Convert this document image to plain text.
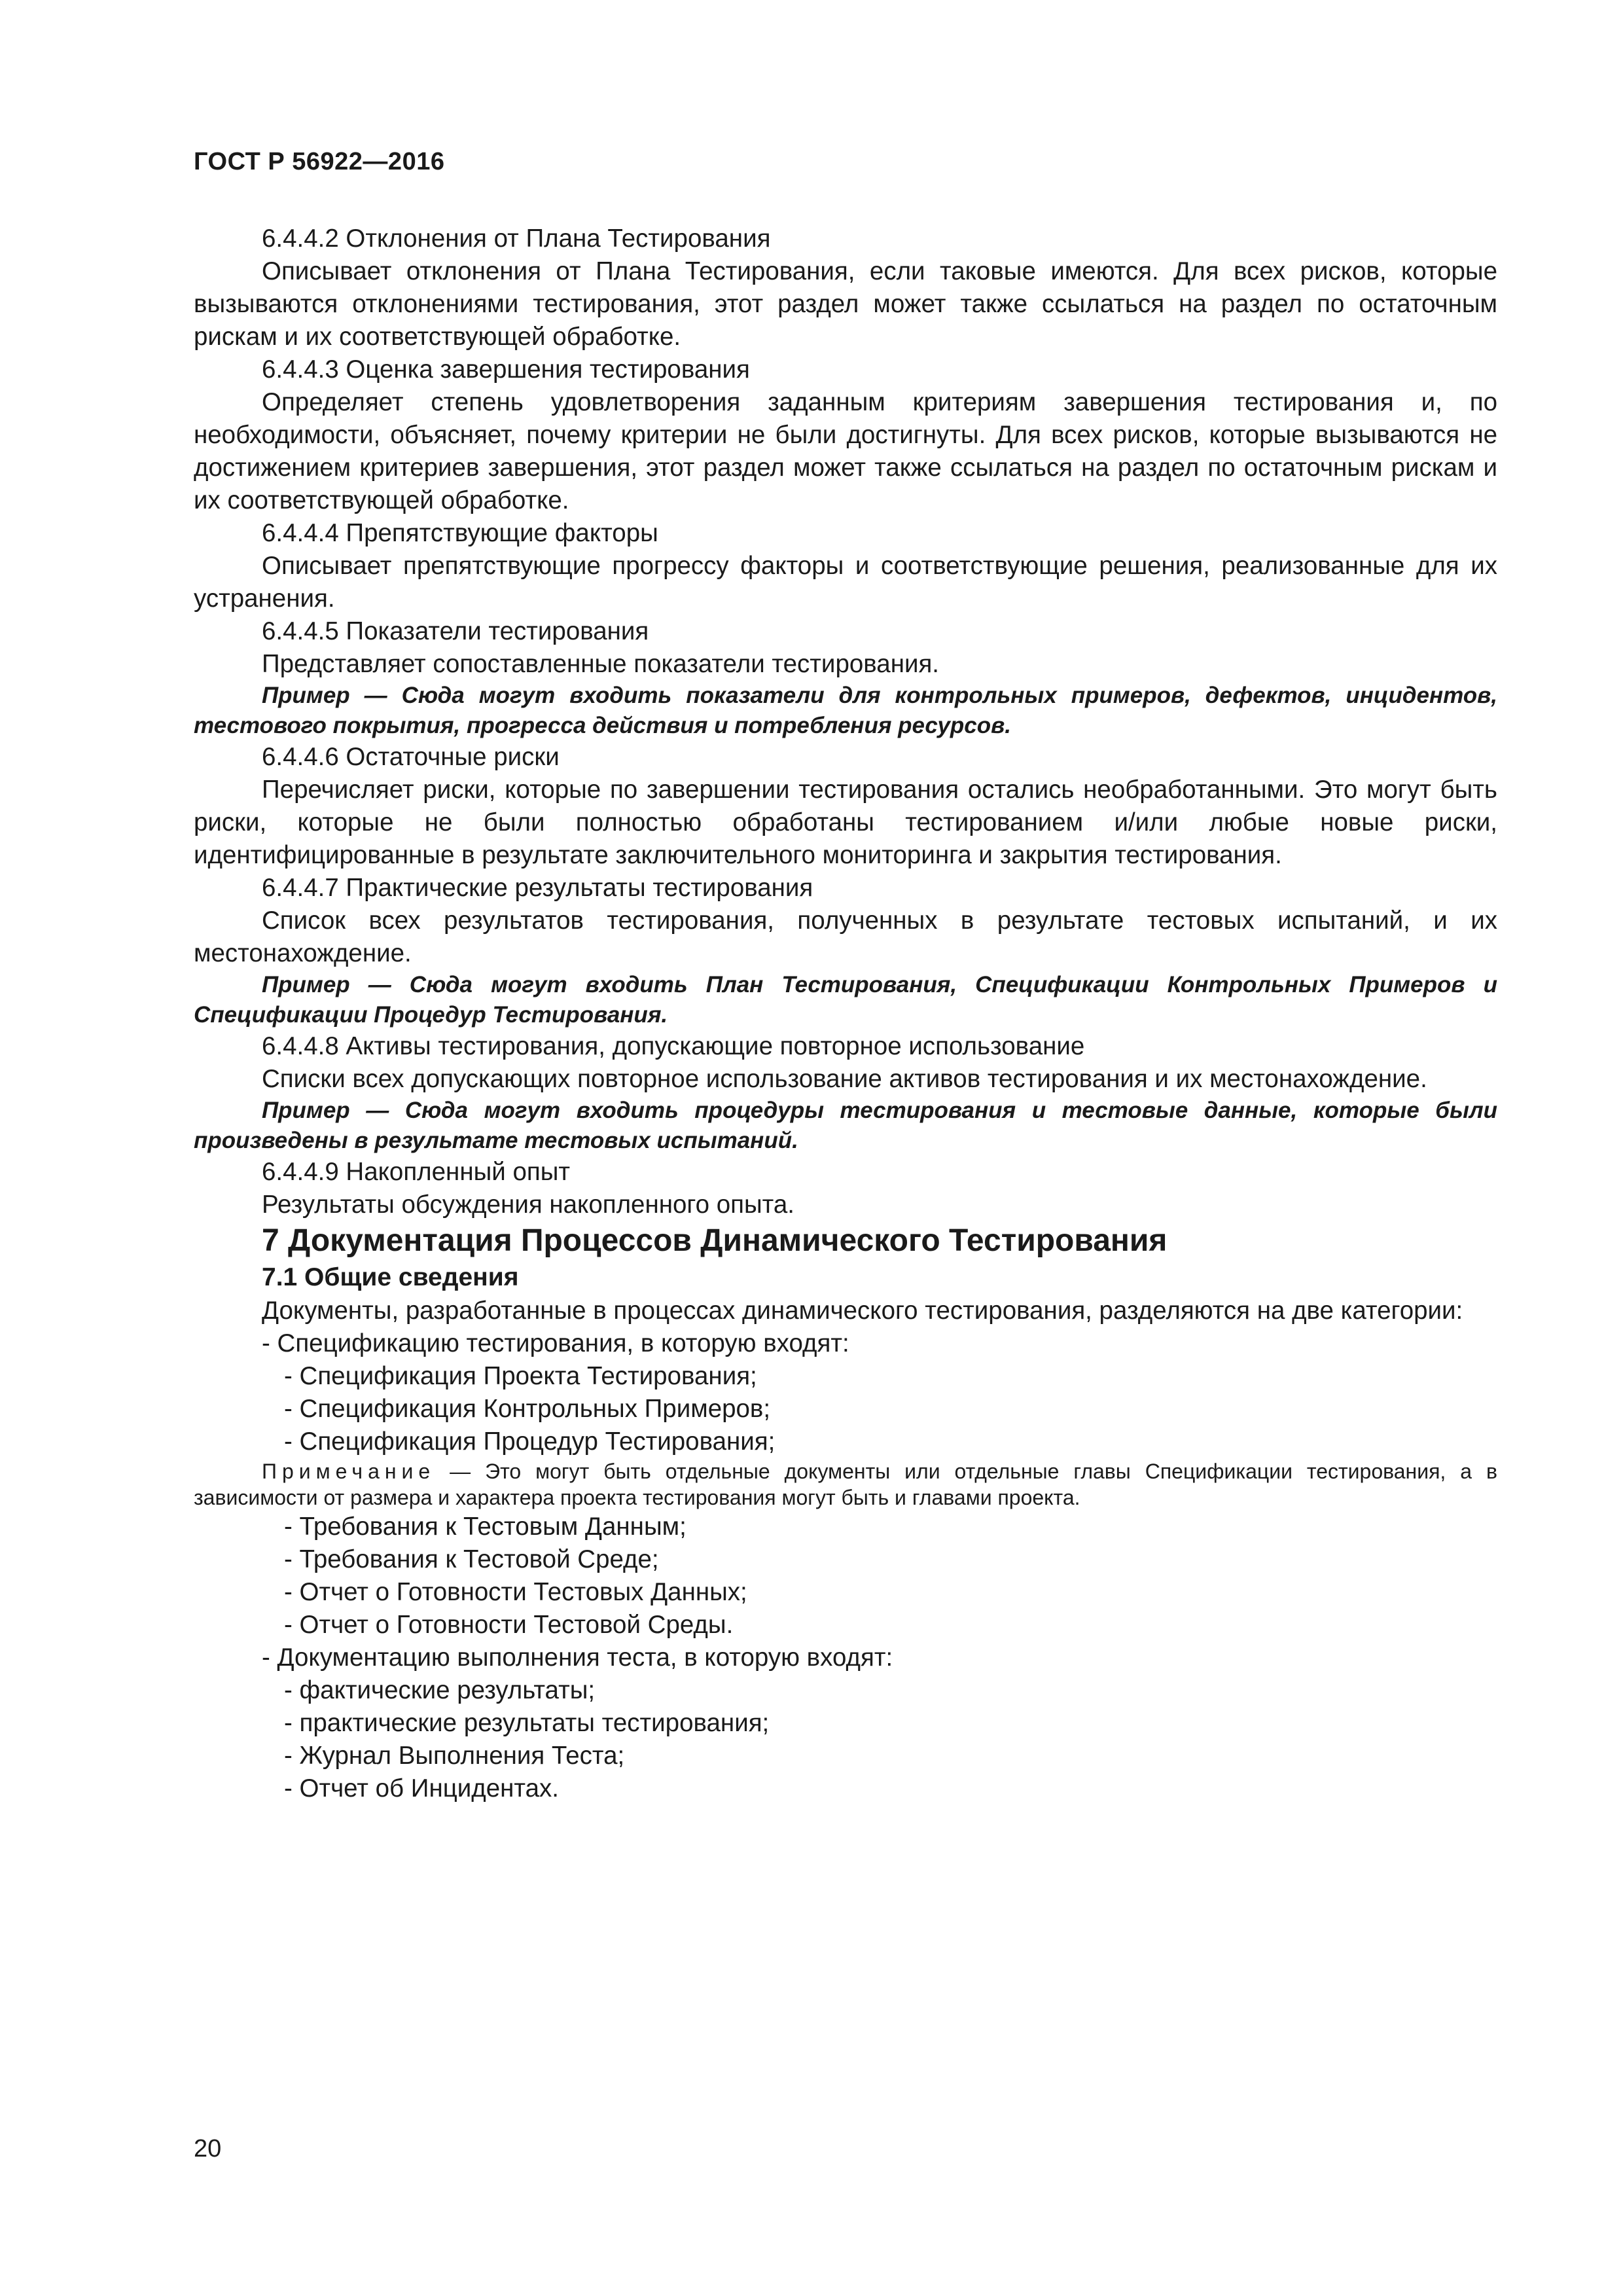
ГОСТ Р 56922—2016

6.4.4.2 Отклонения от Плана Тестирования

Описывает отклонения от Плана Тестирования, если таковые имеются. Для всех рисков, которые вызываются отклонениями тестирования, этот раздел может также ссылаться на раздел по остаточным рискам и их соответствующей обработке.

6.4.4.3 Оценка завершения тестирования

Определяет степень удовлетворения заданным критериям завершения тестирования и, по необходимости, объясняет, почему критерии не были достигнуты. Для всех рисков, которые вызываются не достижением критериев завершения, этот раздел может также ссылаться на раздел по остаточным рискам и их соответствующей обработке.

6.4.4.4 Препятствующие факторы

Описывает препятствующие прогрессу факторы и соответствующие решения, реализованные для их устранения.

6.4.4.5 Показатели тестирования

Представляет сопоставленные показатели тестирования.

Пример — Сюда могут входить показатели для контрольных примеров, дефектов, инцидентов, тестового покрытия, прогресса действия и потребления ресурсов.

6.4.4.6 Остаточные риски

Перечисляет риски, которые по завершении тестирования остались необработанными. Это могут быть риски, которые не были полностью обработаны тестированием и/или любые новые риски, идентифицированные в результате заключительного мониторинга и закрытия тестирования.

6.4.4.7 Практические результаты тестирования

Список всех результатов тестирования, полученных в результате тестовых испытаний, и их местонахождение.

Пример — Сюда могут входить План Тестирования, Спецификации Контрольных Примеров и Спецификации Процедур Тестирования.

6.4.4.8 Активы тестирования, допускающие повторное использование

Списки всех допускающих повторное использование активов тестирования и их местонахождение.

Пример — Сюда могут входить процедуры тестирования и тестовые данные, которые были произведены в результате тестовых испытаний.

6.4.4.9 Накопленный опыт

Результаты обсуждения накопленного опыта.

7 Документация Процессов Динамического Тестирования

7.1 Общие сведения

Документы, разработанные в процессах динамического тестирования, разделяются на две категории:

- Спецификацию тестирования, в которую входят:

- Спецификация Проекта Тестирования;

- Спецификация Контрольных Примеров;

- Спецификация Процедур Тестирования;

Примечание — Это могут быть отдельные документы или отдельные главы Спецификации тестирования, а в зависимости от размера и характера проекта тестирования могут быть и главами проекта.

- Требования к Тестовым Данным;

- Требования к Тестовой Среде;

- Отчет о Готовности Тестовых Данных;

- Отчет о Готовности Тестовой Среды.

- Документацию выполнения теста, в которую входят:

- фактические результаты;

- практические результаты тестирования;

- Журнал Выполнения Теста;

- Отчет об Инцидентах.

20
